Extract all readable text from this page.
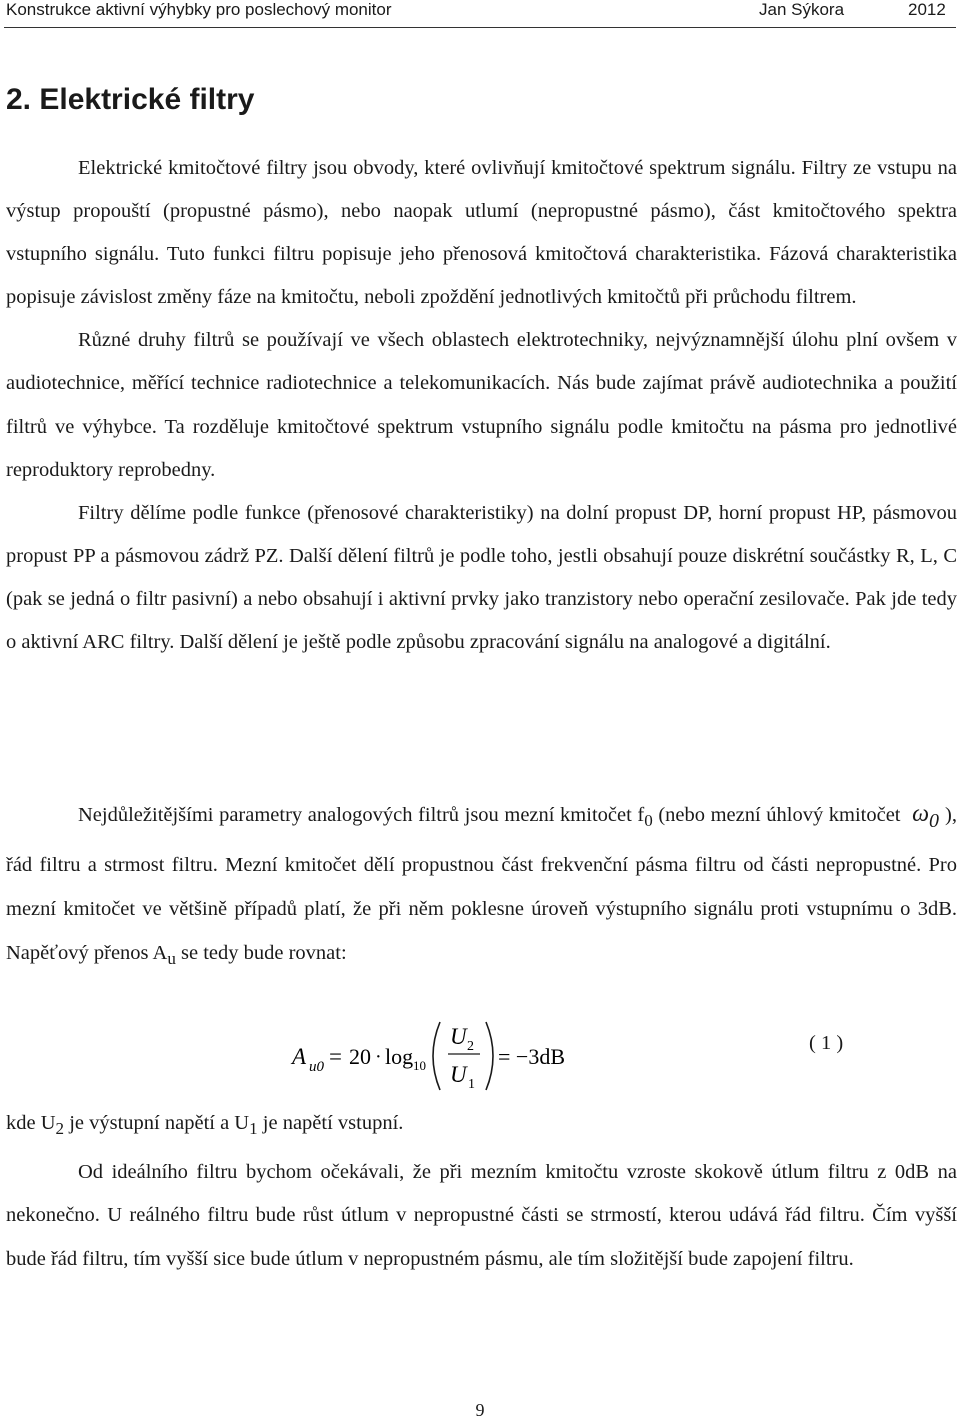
Konstrukce aktivní výhybky pro poslechový monitor	Jan Sýkora	2012
2. Elektrické filtry

Elektrické kmitočtové filtry jsou obvody, které ovlivňují kmitočtové spektrum signálu. Filtry ze vstupu na výstup propouští (propustné pásmo), nebo naopak utlumí (nepropustné pásmo), část kmitočtového spektra vstupního signálu. Tuto funkci filtru popisuje jeho přenosová kmitočtová charakteristika. Fázová charakteristika popisuje závislost změny fáze na kmitočtu, neboli zpoždění jednotlivých kmitočtů při průchodu filtrem.

Různé druhy filtrů se používají ve všech oblastech elektrotechniky, nejvýznamnější úlohu plní ovšem v audiotechnice, měřící technice radiotechnice a telekomunikacích. Nás bude zajímat právě audiotechnika a použití filtrů ve výhybce. Ta rozděluje kmitočtové spektrum vstupního signálu podle kmitočtu na pásma pro jednotlivé reproduktory reprobedny.

Filtry dělíme podle funkce (přenosové charakteristiky) na dolní propust DP, horní propust HP, pásmovou propust PP a pásmovou zádrž PZ. Další dělení filtrů je podle toho, jestli obsahují pouze diskrétní součástky R, L, C (pak se jedná o filtr pasivní) a nebo obsahují i aktivní prvky jako tranzistory nebo operační zesilovače. Pak jde tedy o aktivní ARC filtry. Další dělení je ještě podle způsobu zpracování signálu na analogové a digitální.

Nejdůležitějšími parametry analogových filtrů jsou mezní kmitočet $f_0$ (nebo mezní úhlový kmitočet $\omega_0$ ), řád filtru a strmost filtru. Mezní kmitočet dělí propustnou část frekvenční pásma filtru od části nepropustné. Pro mezní kmitočet ve většině případů platí, že při něm poklesne úroveň výstupního signálu proti vstupnímu o 3dB. Napěťový přenos $A_u$ se tedy bude rovnat:

A u0 = 20 · log 10
U 2
U 1
= −3dB
( 1 )

kde $U_2$ je výstupní napětí a $U_1$ je napětí vstupní.

Od ideálního filtru bychom očekávali, že při mezním kmitočtu vzroste skokově útlum filtru z 0dB na nekonečno. U reálného filtru bude růst útlum v nepropustné části se strmostí, kterou udává řád filtru. Čím vyšší bude řád filtru, tím vyšší sice bude útlum v nepropustném pásmu, ale tím složitější bude zapojení filtru.

9
